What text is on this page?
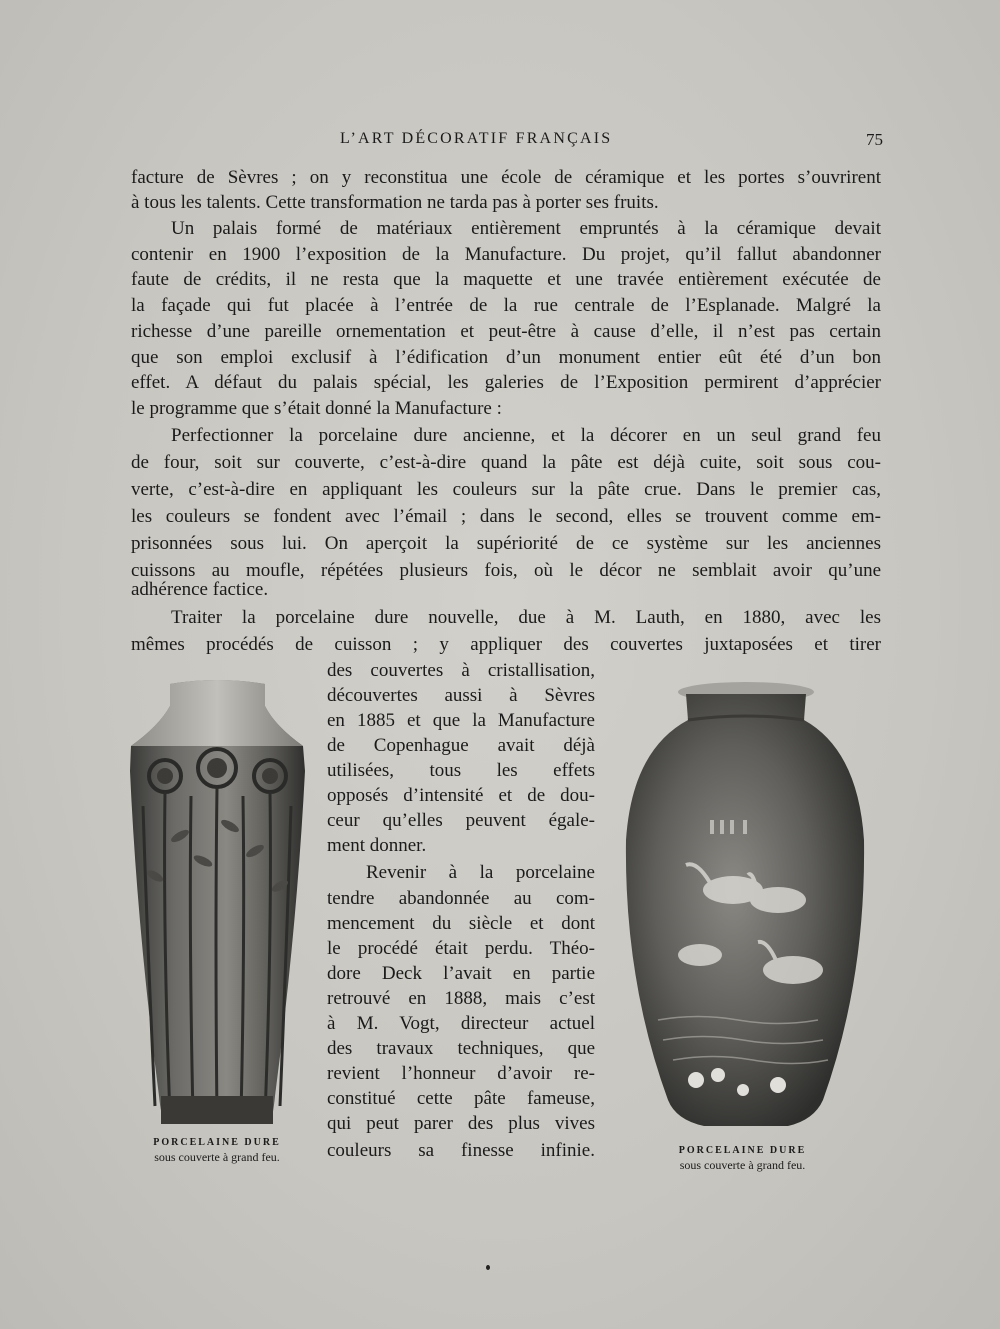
L’ART DÉCORATIF FRANÇAIS	75
facture de Sèvres ; on y reconstitua une école de céramique et les portes s’ouvrirent
à tous les talents. Cette transformation ne tarda pas à porter ses fruits.
Un palais formé de matériaux entièrement empruntés à la céramique devait
contenir en 1900 l’exposition de la Manufacture. Du projet, qu’il fallut abandonner
faute de crédits, il ne resta que la maquette et une travée entièrement exécutée de
la façade qui fut placée à l’entrée de la rue centrale de l’Esplanade. Malgré la
richesse d’une pareille ornementation et peut-être à cause d’elle, il n’est pas certain
que son emploi exclusif à l’édification d’un monument entier eût été d’un bon
effet. A défaut du palais spécial, les galeries de l’Exposition permirent d’apprécier
le programme que s’était donné la Manufacture :
Perfectionner la porcelaine dure ancienne, et la décorer en un seul grand feu
de four, soit sur couverte, c’est-à-dire quand la pâte est déjà cuite, soit sous cou-
verte, c’est-à-dire en appliquant les couleurs sur la pâte crue. Dans le premier cas,
les couleurs se fondent avec l’émail ; dans le second, elles se trouvent comme em-
prisonnées sous lui. On aperçoit la supériorité de ce système sur les anciennes
cuissons au moufle, répétées plusieurs fois, où le décor ne semblait avoir qu’une
adhérence factice.
Traiter la porcelaine dure nouvelle, due à M. Lauth, en 1880, avec les
mêmes procédés de cuisson ; y appliquer des couvertes juxtaposées et tirer
des couvertes à cristallisation,
découvertes aussi à Sèvres
en 1885 et que la Manufacture
de Copenhague avait déjà
utilisées, tous les effets
opposés d’intensité et de dou-
ceur qu’elles peuvent égale-
ment donner.
Revenir à la porcelaine
tendre abandonnée au com-
mencement du siècle et dont
le procédé était perdu. Théo-
dore Deck l’avait en partie
retrouvé en 1888, mais c’est
à M. Vogt, directeur actuel
des travaux techniques, que
revient l’honneur d’avoir re-
constitué cette pâte fameuse,
qui peut parer des plus vives
couleurs sa finesse infinie.
PORCELAINE DURE
sous couverte à grand feu.	PORCELAINE DURE
sous couverte à grand feu.
